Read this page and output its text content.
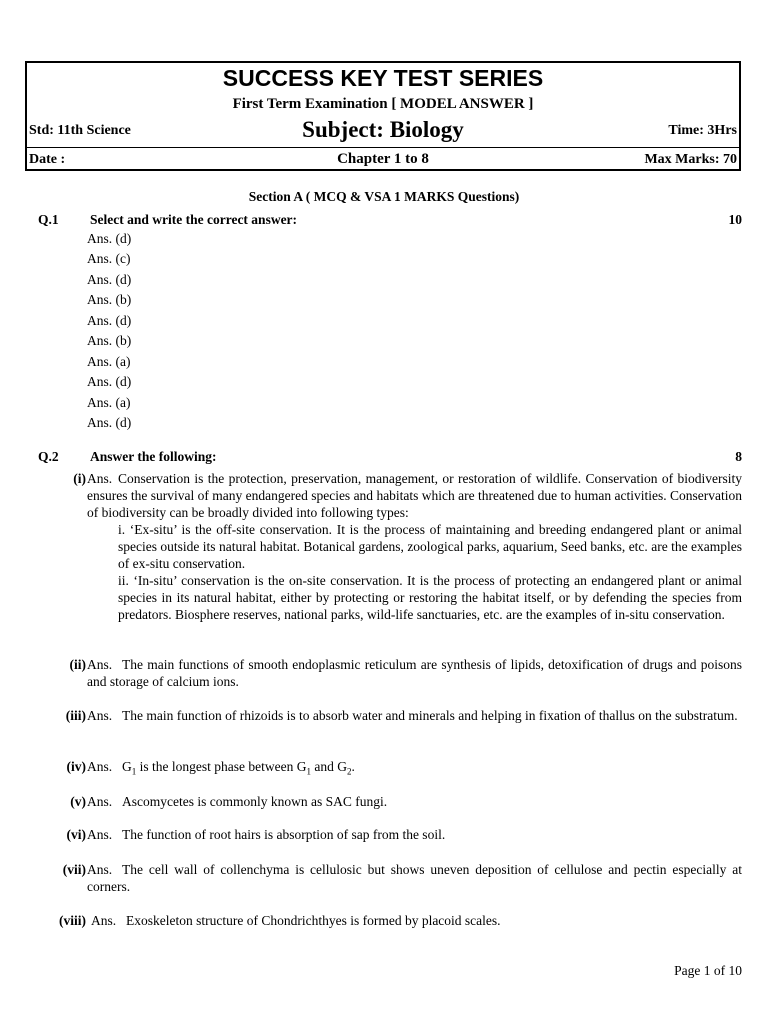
SUCCESS KEY TEST SERIES
First Term Examination [ MODEL ANSWER ]
Std: 11th Science	Subject: Biology	Time: 3Hrs
Date :	Chapter 1 to 8	Max Marks: 70
Section A ( MCQ & VSA 1 MARKS Questions)
Q.1 Select and write the correct answer:	10
Ans. (d)
Ans. (c)
Ans. (d)
Ans. (b)
Ans. (d)
Ans. (b)
Ans. (a)
Ans. (d)
Ans. (a)
Ans. (d)
Q.2 Answer the following:	8
(i) Ans. Conservation is the protection, preservation, management, or restoration of wildlife. Conservation of biodiversity ensures the survival of many endangered species and habitats which are threatened due to human activities. Conservation of biodiversity can be broadly divided into following types:
i. ‘Ex-situ’ is the off-site conservation. It is the process of maintaining and breeding endangered plant or animal species outside its natural habitat. Botanical gardens, zoological parks, aquarium, Seed banks, etc. are the examples of ex-situ conservation.
ii. ‘In-situ’ conservation is the on-site conservation. It is the process of protecting an endangered plant or animal species in its natural habitat, either by protecting or restoring the habitat itself, or by defending the species from predators. Biosphere reserves, national parks, wild-life sanctuaries, etc. are the examples of in-situ conservation.
(ii) Ans. The main functions of smooth endoplasmic reticulum are synthesis of lipids, detoxification of drugs and poisons and storage of calcium ions.
(iii) Ans. The main function of rhizoids is to absorb water and minerals and helping in fixation of thallus on the substratum.
(iv) Ans. $G_1$ is the longest phase between $G_1$ and $G_2$.
(v) Ans. Ascomycetes is commonly known as SAC fungi.
(vi) Ans. The function of root hairs is absorption of sap from the soil.
(vii) Ans. The cell wall of collenchyma is cellulosic but shows uneven deposition of cellulose and pectin especially at corners.
(viii) Ans. Exoskeleton structure of Chondrichthyes is formed by placoid scales.
Page 1 of 10
